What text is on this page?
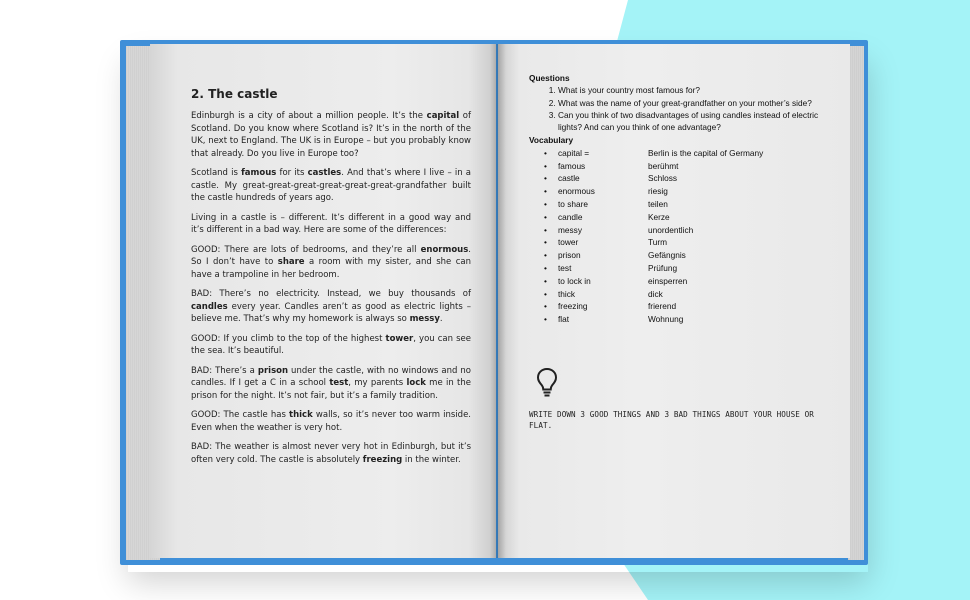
2. The castle

Edinburgh is a city of about a million people. It’s the capital of Scotland. Do you know where Scotland is? It’s in the north of the UK, next to England. The UK is in Europe – but you probably know that already. Do you live in Europe too?

Scotland is famous for its castles. And that’s where I live – in a castle. My great-great-great-great-great-great-grandfather built the castle hundreds of years ago.

Living in a castle is – different. It’s different in a good way and it’s different in a bad way. Here are some of the differences:

GOOD: There are lots of bedrooms, and they’re all enormous. So I don’t have to share a room with my sister, and she can have a trampoline in her bedroom.

BAD: There’s no electricity. Instead, we buy thousands of candles every year. Candles aren’t as good as electric lights – believe me. That’s why my homework is always so messy.

GOOD: If you climb to the top of the highest tower, you can see the sea. It’s beautiful.

BAD: There’s a prison under the castle, with no windows and no candles. If I get a C in a school test, my parents lock me in the prison for the night. It’s not fair, but it’s a family tradition.

GOOD: The castle has thick walls, so it’s never too warm inside. Even when the weather is very hot.

BAD: The weather is almost never very hot in Edinburgh, but it’s often very cold. The castle is absolutely freezing in the winter.

Questions

1. What is your country most famous for?
2. What was the name of your great-grandfather on your mother’s side?
3. Can you think of two disadvantages of using candles instead of electric lights? And can you think of one advantage?

Vocabulary

• capital =	Berlin is the capital of Germany
• famous	berühmt
• castle	Schloss
• enormous	riesig
• to share	teilen
• candle	Kerze
• messy	unordentlich
• tower	Turm
• prison	Gefängnis
• test	Prüfung
• to lock in	einsperren
• thick	dick
• freezing	frierend
• flat	Wohnung
WRITE DOWN 3 GOOD THINGS AND 3 BAD THINGS ABOUT YOUR HOUSE OR FLAT.
